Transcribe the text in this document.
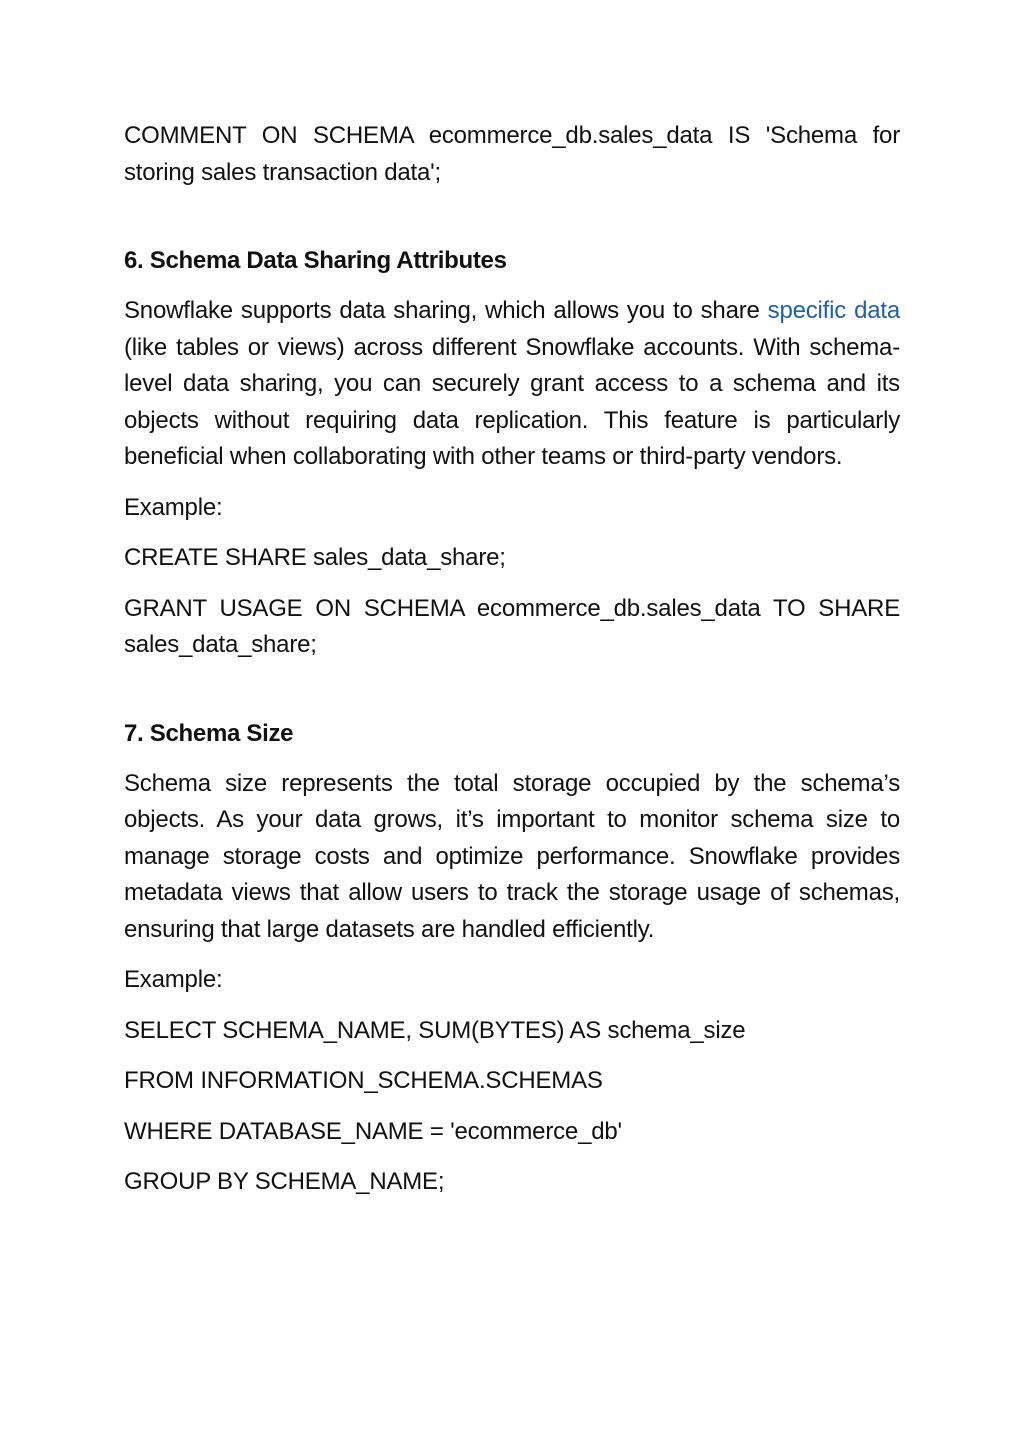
COMMENT ON SCHEMA ecommerce_db.sales_data IS 'Schema for storing sales transaction data';

6. Schema Data Sharing Attributes

Snowflake supports data sharing, which allows you to share specific data (like tables or views) across different Snowflake accounts. With schema-level data sharing, you can securely grant access to a schema and its objects without requiring data replication. This feature is particularly beneficial when collaborating with other teams or third-party vendors.

Example:

CREATE SHARE sales_data_share;

GRANT USAGE ON SCHEMA ecommerce_db.sales_data TO SHARE sales_data_share;

7. Schema Size

Schema size represents the total storage occupied by the schema’s objects. As your data grows, it’s important to monitor schema size to manage storage costs and optimize performance. Snowflake provides metadata views that allow users to track the storage usage of schemas, ensuring that large datasets are handled efficiently.

Example:

SELECT SCHEMA_NAME, SUM(BYTES) AS schema_size

FROM INFORMATION_SCHEMA.SCHEMAS

WHERE DATABASE_NAME = 'ecommerce_db'

GROUP BY SCHEMA_NAME;
